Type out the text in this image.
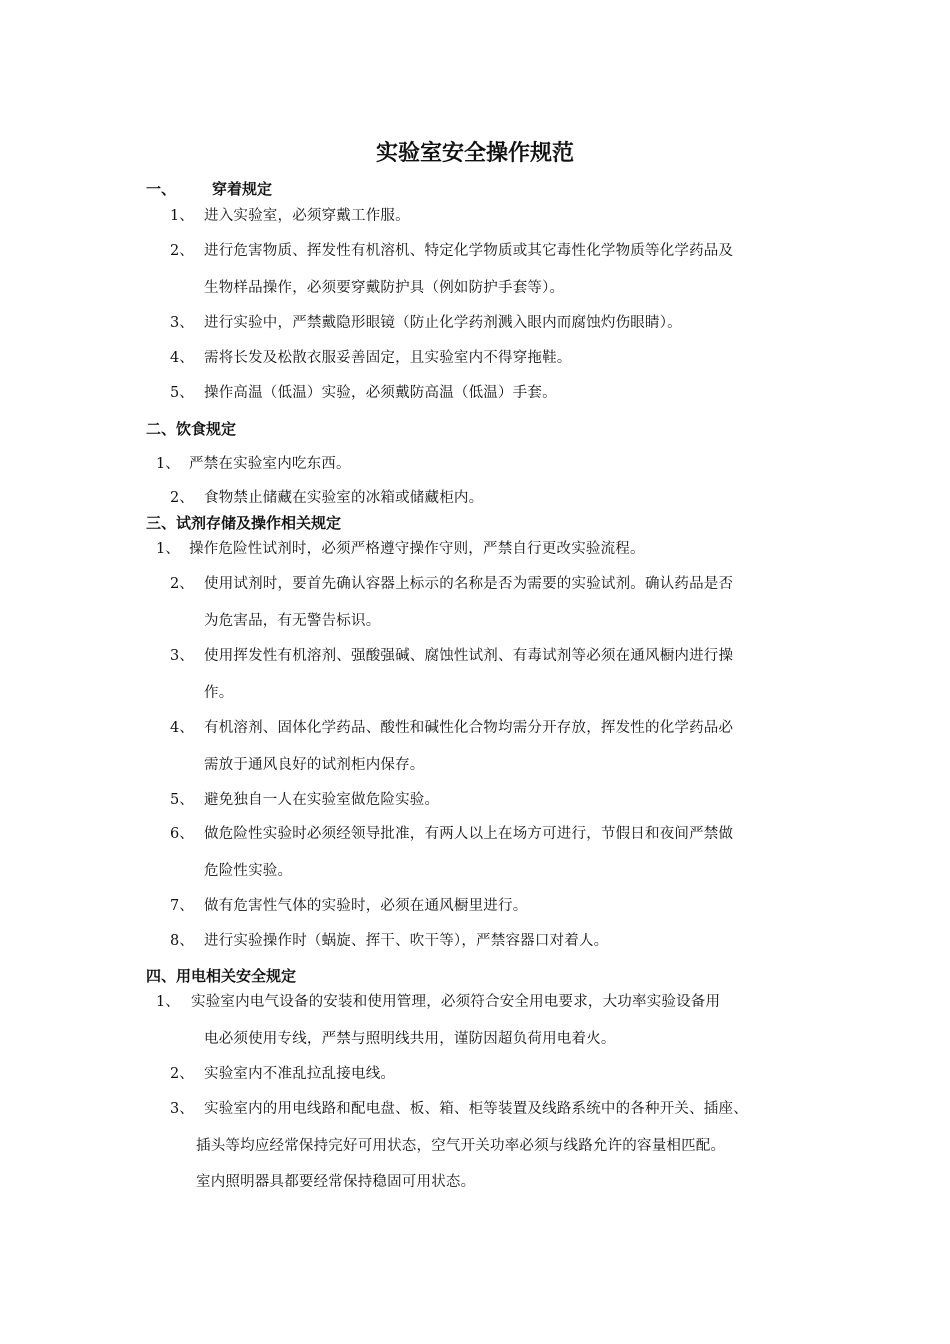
实验室安全操作规范
一、 穿着规定
1、 进入实验室，必须穿戴工作服。
2、 进行危害物质、挥发性有机溶机、特定化学物质或其它毒性化学物质等化学药品及
生物样品操作，必须要穿戴防护具（例如防护手套等）。
3、 进行实验中，严禁戴隐形眼镜（防止化学药剂溅入眼内而腐蚀灼伤眼睛）。
4、 需将长发及松散衣服妥善固定，且实验室内不得穿拖鞋。
5、 操作高温（低温）实验，必须戴防高温（低温）手套。
二、饮食规定
1、 严禁在实验室内吃东西。
2、 食物禁止储藏在实验室的冰箱或储藏柜内。
三、试剂存储及操作相关规定
1、 操作危险性试剂时，必须严格遵守操作守则，严禁自行更改实验流程。
2、 使用试剂时，要首先确认容器上标示的名称是否为需要的实验试剂。确认药品是否
为危害品，有无警告标识。
3、 使用挥发性有机溶剂、强酸强碱、腐蚀性试剂、有毒试剂等必须在通风橱内进行操
作。
4、 有机溶剂、固体化学药品、酸性和碱性化合物均需分开存放，挥发性的化学药品必
需放于通风良好的试剂柜内保存。
5、 避免独自一人在实验室做危险实验。
6、 做危险性实验时必须经领导批准，有两人以上在场方可进行，节假日和夜间严禁做
危险性实验。
7、 做有危害性气体的实验时，必须在通风橱里进行。
8、 进行实验操作时（蜗旋、挥干、吹干等），严禁容器口对着人。
四、用电相关安全规定
1、 实验室内电气设备的安装和使用管理，必须符合安全用电要求，大功率实验设备用
电必须使用专线，严禁与照明线共用，谨防因超负荷用电着火。
2、 实验室内不准乱拉乱接电线。
3、 实验室内的用电线路和配电盘、板、箱、柜等装置及线路系统中的各种开关、插座、
插头等均应经常保持完好可用状态，空气开关功率必须与线路允许的容量相匹配。
室内照明器具都要经常保持稳固可用状态。
